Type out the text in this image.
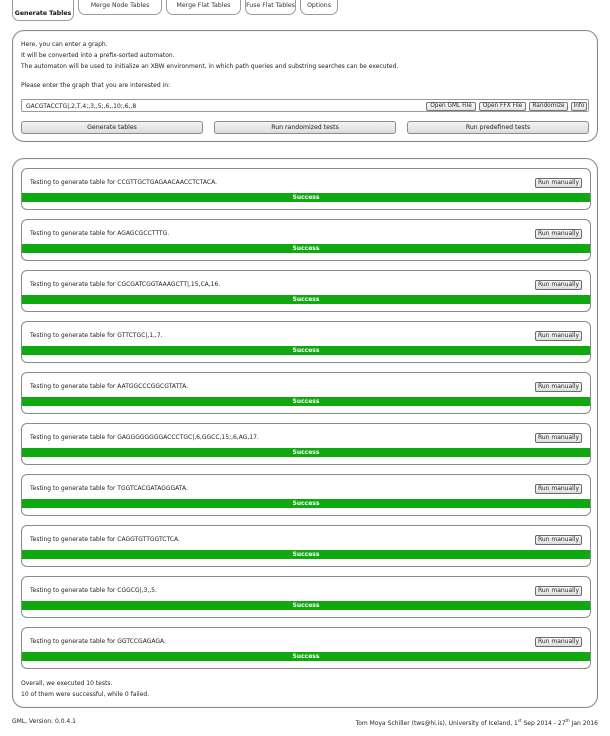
Generate Tables
Merge Node Tables	Merge Flat Tables	Fuse Flat Tables	Options

Here, you can enter a graph.

It will be converted into a prefix-sorted automaton.

The automaton will be used to initialize an XBW environment, in which path queries and substring searches can be executed.

Please enter the graph that you are interested in:

GACGTACCTG|,2,T,4;,3,,5;,6,,10;,6,,8
Open GML File	Open FFX File	Randomize	Info
Generate tables	Run randomized tests	Run predefined tests
Testing to generate table for CCGTTGCTGAGAACAACCTCTACA.	Run manually
Success
Testing to generate table for AGAGCGCCTTTG.	Run manually
Success
Testing to generate table for CGCGATCGGTAAAGCTT|,15,CA,16.	Run manually
Success
Testing to generate table for GTTCTGC|,1,,7.	Run manually
Success
Testing to generate table for AATGGCCCGGCGTATTA.	Run manually
Success
Testing to generate table for GAGGGGGGGGACCCTGC|,6,GGCC,15;,6,AG,17.	Run manually
Success
Testing to generate table for TGGTCACGATAGGGATA.	Run manually
Success
Testing to generate table for CAGGTGTTGGTCTCA.	Run manually
Success
Testing to generate table for CGGCG|,3,,5.	Run manually
Success
Testing to generate table for GGTCCGAGAGA.	Run manually
Success

Overall, we executed 10 tests.

10 of them were successful, while 0 failed.

GML, Version: 0.0.4.1	Tom Moya Schiller (tws@hi.is), University of Iceland, 1st Sep 2014 - 27th Jan 2016
